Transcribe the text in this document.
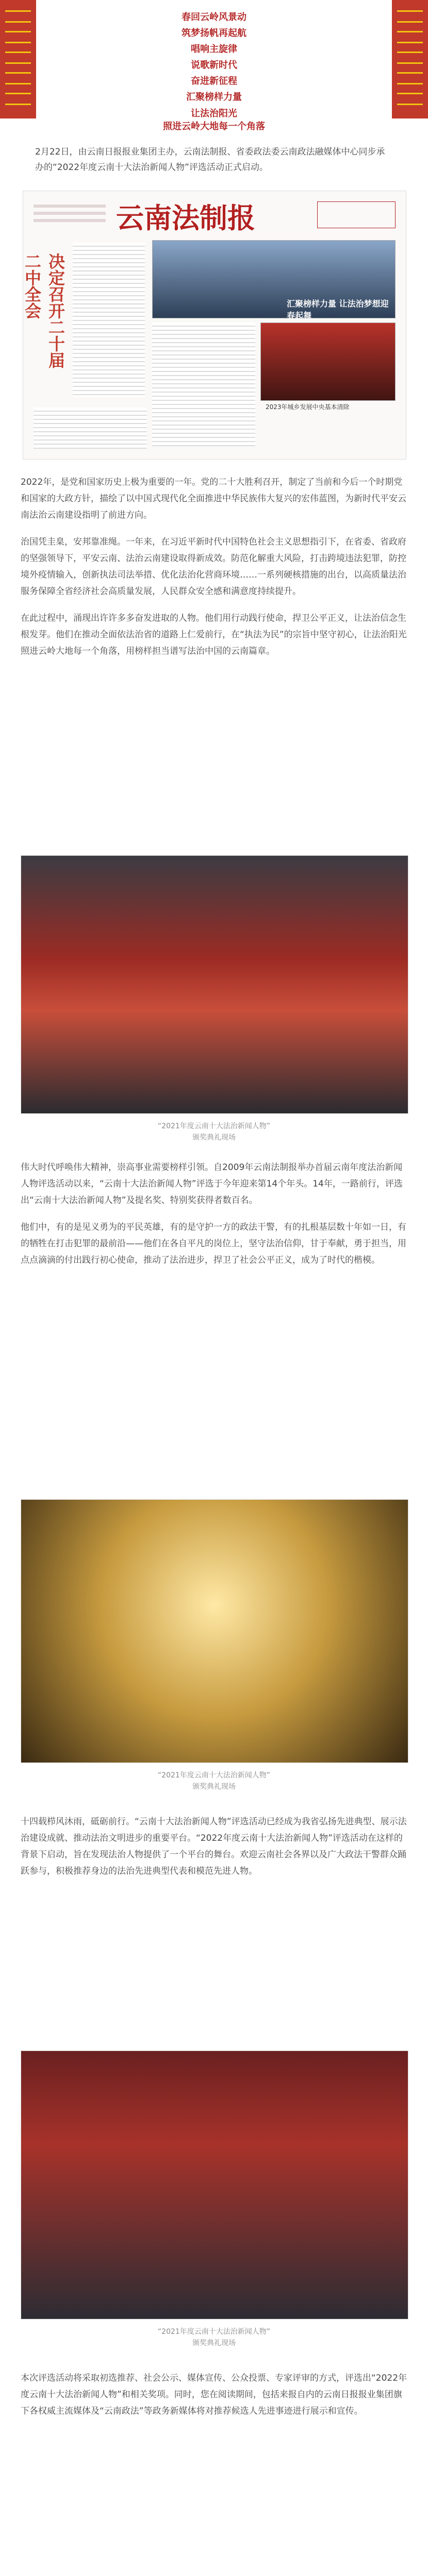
春回云岭风景动
筑梦扬帆再起航
唱响主旋律
说歌新时代
奋进新征程
汇聚榜样力量
让法治阳光
照进云岭大地每一个角落
2月22日，由云南日报报业集团主办，云南法制报、省委政法委云南政法融媒体中心同步承办的“2022年度云南十大法治新闻人物”评选活动正式启动。
云南法制报
决定召开二十届二中全会	汇聚榜样力量 让法治梦想迎春起舞
2023年城乡发展中央基本清除

2022年，是党和国家历史上极为重要的一年。党的二十大胜利召开，制定了当前和今后一个时期党和国家的大政方针，描绘了以中国式现代化全面推进中华民族伟大复兴的宏伟蓝图，为新时代平安云南法治云南建设指明了前进方向。

治国凭圭臬，安邦靠准绳。一年来，在习近平新时代中国特色社会主义思想指引下，在省委、省政府的坚强领导下，平安云南、法治云南建设取得新成效。防范化解重大风险，打击跨境违法犯罪，防控境外疫情输入，创新执法司法举措、优化法治化营商环境……一系列硬核措施的出台，以高质量法治服务保障全省经济社会高质量发展，人民群众安全感和满意度持续提升。

在此过程中，涌现出许许多多奋发进取的人物。他们用行动践行使命，捍卫公平正义，让法治信念生根发芽。他们在推动全面依法治省的道路上仁爱前行，在“执法为民”的宗旨中坚守初心，让法治阳光照进云岭大地每一个角落，用榜样担当谱写法治中国的云南篇章。

“2021年度云南十大法治新闻人物”
颁奖典礼现场

伟大时代呼唤伟大精神，崇高事业需要榜样引领。自2009年云南法制报举办首届云南年度法治新闻人物评选活动以来，“云南十大法治新闻人物”评选于今年迎来第14个年头。14年，一路前行，评选出“云南十大法治新闻人物”及提名奖、特别奖获得者数百名。

他们中，有的是见义勇为的平民英雄，有的是守护一方的政法干警，有的扎根基层数十年如一日，有的牺牲在打击犯罪的最前沿——他们在各自平凡的岗位上，坚守法治信仰，甘于奉献，勇于担当，用点点滴滴的付出践行初心使命，推动了法治进步，捍卫了社会公平正义，成为了时代的楷模。

“2021年度云南十大法治新闻人物”
颁奖典礼现场

十四载栉风沐雨，砥砺前行。“云南十大法治新闻人物”评选活动已经成为我省弘扬先进典型、展示法治建设成就、推动法治文明进步的重要平台。“2022年度云南十大法治新闻人物”评选活动在这样的背景下启动，旨在发现法治人物提供了一个平台的舞台。欢迎云南社会各界以及广大政法干警群众踊跃参与，积极推荐身边的法治先进典型代表和模范先进人物。

“2021年度云南十大法治新闻人物”
颁奖典礼现场

本次评选活动将采取初选推荐、社会公示、媒体宣传、公众投票、专家评审的方式，评选出“2022年度云南十大法治新闻人物”和相关奖项。同时，您在阅读期间，包括来报自内的云南日报报业集团旗下各权威主流媒体及“云南政法”等政务新媒体将对推荐候选人先进事迹进行展示和宣传。
